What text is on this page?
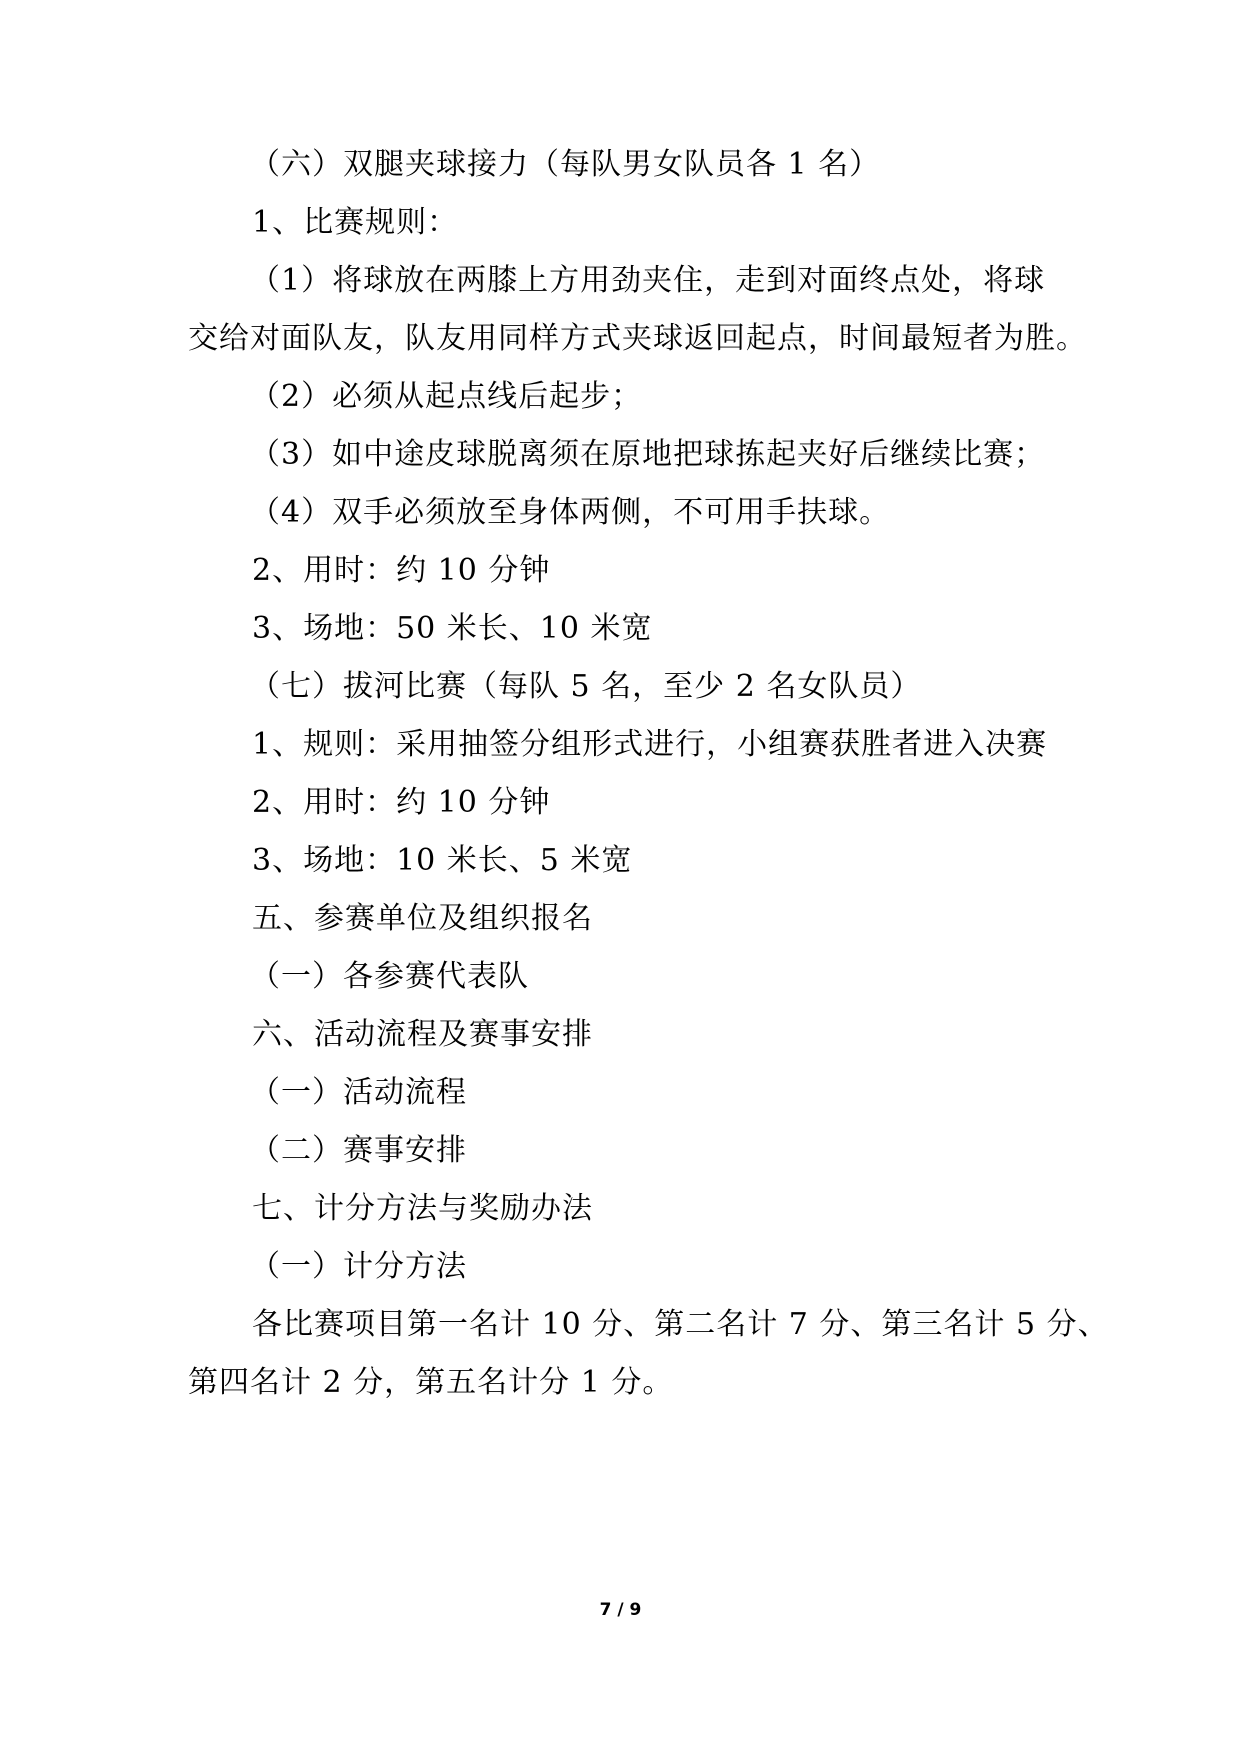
（六）双腿夹球接力（每队男女队员各 1 名）
1、比赛规则：
（1）将球放在两膝上方用劲夹住，走到对面终点处，将球
交给对面队友，队友用同样方式夹球返回起点，时间最短者为胜。
（2）必须从起点线后起步；
（3）如中途皮球脱离须在原地把球拣起夹好后继续比赛；
（4）双手必须放至身体两侧，不可用手扶球。
2、用时：约 10 分钟
3、场地：50 米长、10 米宽
（七）拔河比赛（每队 5 名，至少 2 名女队员）
1、规则：采用抽签分组形式进行，小组赛获胜者进入决赛
2、用时：约 10 分钟
3、场地：10 米长、5 米宽
五、参赛单位及组织报名
（一）各参赛代表队
六、活动流程及赛事安排
（一）活动流程
（二）赛事安排
七、计分方法与奖励办法
（一）计分方法
各比赛项目第一名计 10 分、第二名计 7 分、第三名计 5 分、
第四名计 2 分，第五名计分 1 分。
7 / 9
